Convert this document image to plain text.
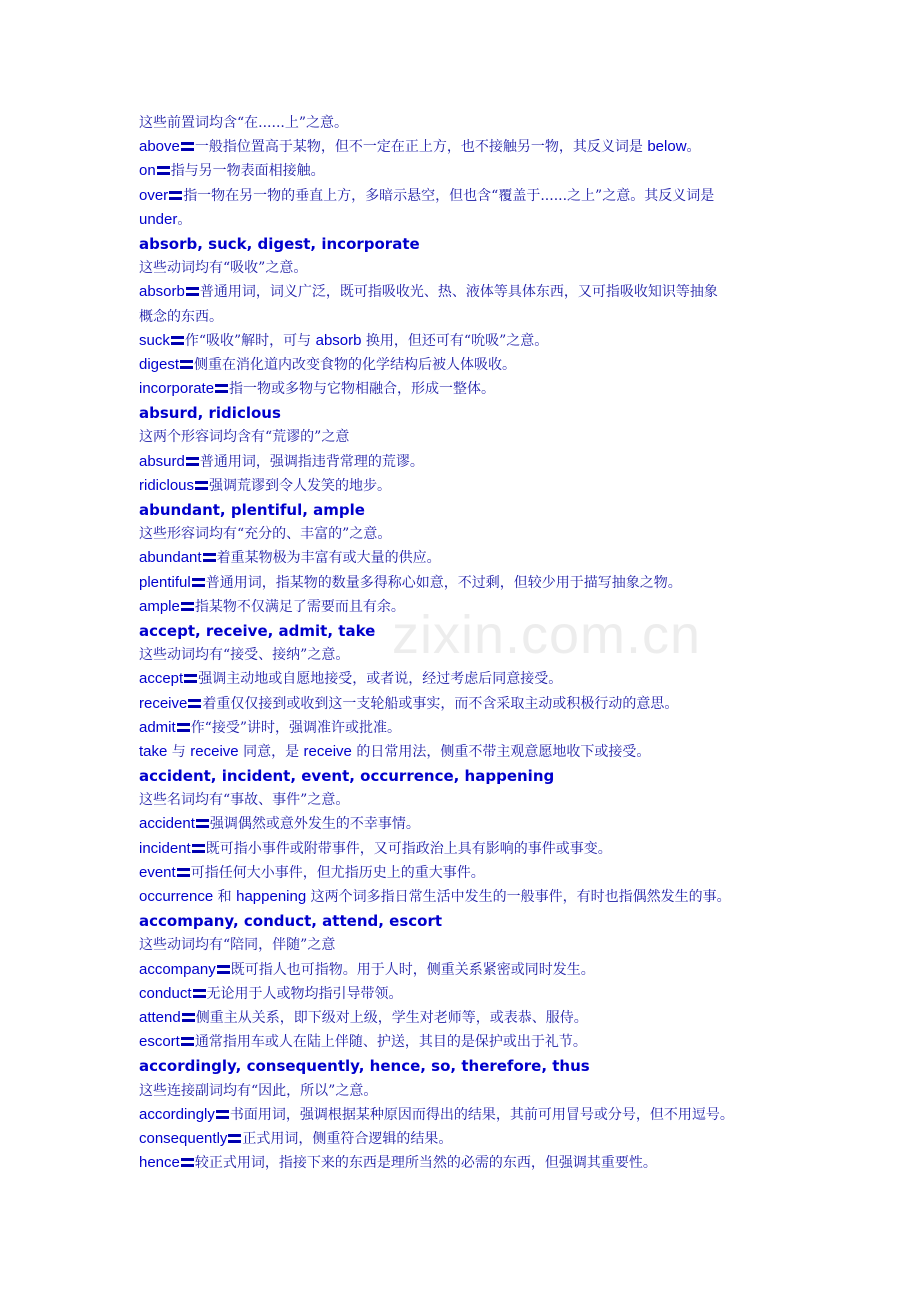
这些前置词均含“在......上”之意。
above 一般指位置高于某物，但不一定在正上方，也不接触另一物，其反义词是 below。
on 指与另一物表面相接触。
over 指一物在另一物的垂直上方，多暗示悬空，但也含“覆盖于......之上”之意。其反义词是
under。
absorb, suck, digest, incorporate
这些动词均有“吸收”之意。
absorb 普通用词，词义广泛，既可指吸收光、热、液体等具体东西，又可指吸收知识等抽象
概念的东西。
suck 作“吸收”解时，可与 absorb 换用，但还可有“吮吸”之意。
digest 侧重在消化道内改变食物的化学结构后被人体吸收。
incorporate 指一物或多物与它物相融合，形成一整体。
absurd, ridiclous
这两个形容词均含有“荒谬的”之意
absurd 普通用词，强调指违背常理的荒谬。
ridiclous 强调荒谬到令人发笑的地步。
abundant, plentiful, ample
这些形容词均有“充分的、丰富的”之意。
abundant 着重某物极为丰富有或大量的供应。
plentiful 普通用词，指某物的数量多得称心如意，不过剩，但较少用于描写抽象之物。
ample 指某物不仅满足了需要而且有余。
accept, receive, admit, take
这些动词均有“接受、接纳”之意。
accept 强调主动地或自愿地接受，或者说，经过考虑后同意接受。
receive 着重仅仅接到或收到这一支轮船或事实，而不含采取主动或积极行动的意思。
admit 作“接受”讲时，强调准许或批准。
take 与 receive 同意，是 receive 的日常用法，侧重不带主观意愿地收下或接受。
accident, incident, event, occurrence, happening
这些名词均有“事故、事件”之意。
accident 强调偶然或意外发生的不幸事情。
incident 既可指小事件或附带事件，又可指政治上具有影响的事件或事变。
event 可指任何大小事件，但尤指历史上的重大事件。
occurrence 和 happening 这两个词多指日常生活中发生的一般事件，有时也指偶然发生的事。
accompany, conduct, attend, escort
这些动词均有“陪同，伴随”之意
accompany 既可指人也可指物。用于人时，侧重关系紧密或同时发生。
conduct 无论用于人或物均指引导带领。
attend 侧重主从关系，即下级对上级，学生对老师等，或表恭、服侍。
escort 通常指用车或人在陆上伴随、护送，其目的是保护或出于礼节。
accordingly, consequently, hence, so, therefore, thus
这些连接副词均有“因此，所以”之意。
accordingly 书面用词，强调根据某种原因而得出的结果，其前可用冒号或分号，但不用逗号。
consequently 正式用词，侧重符合逻辑的结果。
hence 较正式用词，指接下来的东西是理所当然的必需的东西，但强调其重要性。
zixin.com.cn
